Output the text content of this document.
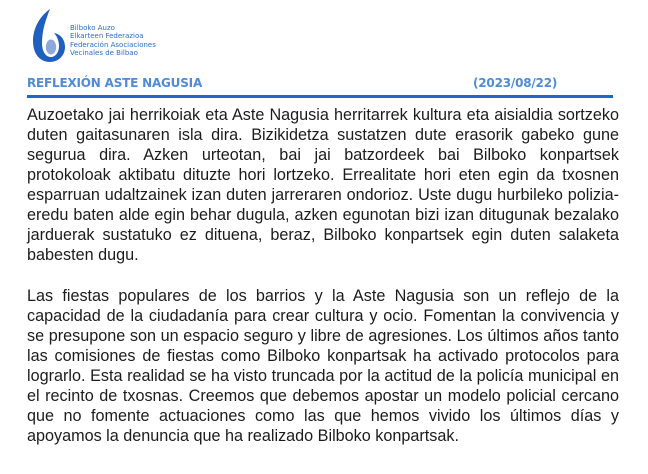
Bilboko Auzo
Elkarteen Federazioa
Federación Asociaciones
Vecinales de Bilbao
REFLEXIÓN ASTE NAGUSIA	(2023/08/22)

Auzoetako jai herrikoiak eta Aste Nagusia herritarrek kultura eta aisialdia sortzeko duten gaitasunaren isla dira. Bizikidetza sustatzen dute erasorik gabeko gune segurua dira. Azken urteotan, bai jai batzordeek bai Bilboko konpartsek protokoloak aktibatu dituzte hori lortzeko. Errealitate hori eten egin da txosnen esparruan udaltzainek izan duten jarreraren ondorioz. Uste dugu hurbileko polizia-eredu baten alde egin behar dugula, azken egunotan bizi izan ditugunak bezalako jarduerak sustatuko ez dituena, beraz, Bilboko konpartsek egin duten salaketa babesten dugu.

Las fiestas populares de los barrios y la Aste Nagusia son un reflejo de la capacidad de la ciudadanía para crear cultura y ocio. Fomentan la convivencia y se presupone son un espacio seguro y libre de agresiones. Los últimos años tanto las comisiones de fiestas como Bilboko konpartsak ha activado protocolos para lograrlo. Esta realidad se ha visto truncada por la actitud de la policía municipal en el recinto de txosnas. Creemos que debemos apostar un modelo policial cercano que no fomente actuaciones como las que hemos vivido los últimos días y apoyamos la denuncia que ha realizado Bilboko konpartsak.
